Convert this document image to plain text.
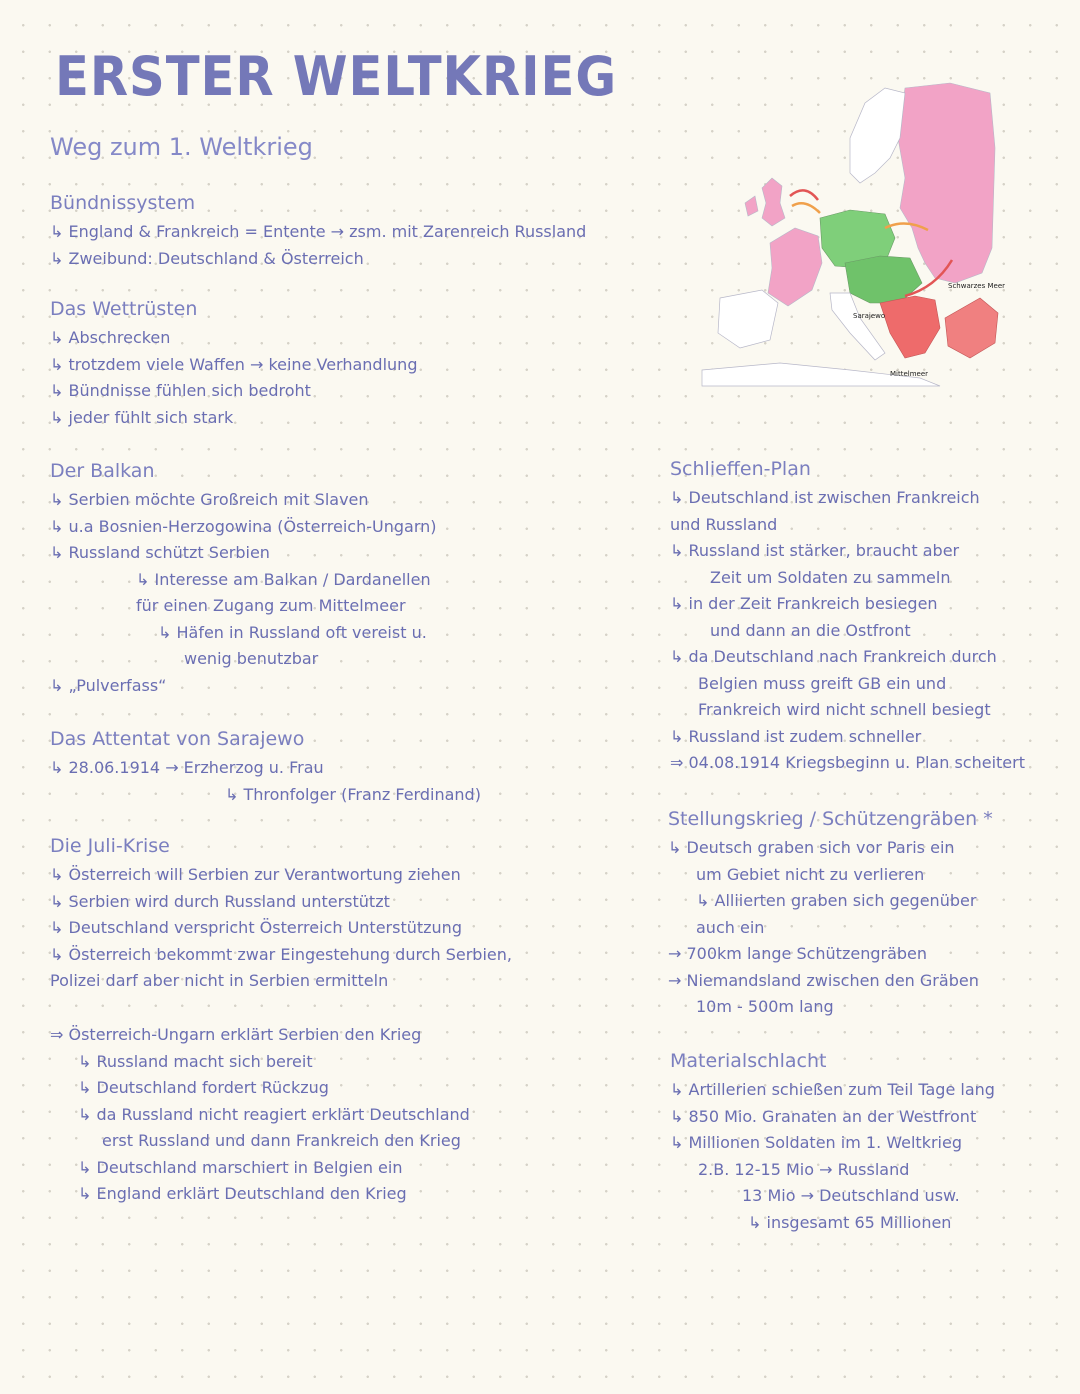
ERSTER WELTKRIEG
Weg zum 1. Weltkrieg
Schwarzes Meer
Sarajewo
Mittelmeer
Bündnissystem
↳ England & Frankreich = Entente → zsm. mit Zarenreich Russland
↳ Zweibund: Deutschland & Österreich
Das Wettrüsten
↳ Abschrecken
↳ trotzdem viele Waffen → keine Verhandlung
↳ Bündnisse fühlen sich bedroht
↳ jeder fühlt sich stark
Der Balkan
↳ Serbien möchte Großreich mit Slaven
↳ u.a Bosnien-Herzogowina (Österreich-Ungarn)
↳ Russland schützt Serbien
↳ Interesse am Balkan / Dardanellen
für einen Zugang zum Mittelmeer
↳ Häfen in Russland oft vereist u.
wenig benutzbar
↳ „Pulverfass“
Das Attentat von Sarajewo
↳ 28.06.1914 → Erzherzog u. Frau
↳ Thronfolger (Franz Ferdinand)
Die Juli-Krise
↳ Österreich will Serbien zur Verantwortung ziehen
↳ Serbien wird durch Russland unterstützt
↳ Deutschland verspricht Österreich Unterstützung
↳ Österreich bekommt zwar Eingestehung durch Serbien,
Polizei darf aber nicht in Serbien ermitteln
⇒ Österreich-Ungarn erklärt Serbien den Krieg
↳ Russland macht sich bereit
↳ Deutschland fordert Rückzug
↳ da Russland nicht reagiert erklärt Deutschland
erst Russland und dann Frankreich den Krieg
↳ Deutschland marschiert in Belgien ein
↳ England erklärt Deutschland den Krieg
Schlieffen-Plan
↳ Deutschland ist zwischen Frankreich
und Russland
↳ Russland ist stärker, braucht aber
Zeit um Soldaten zu sammeln
↳ in der Zeit Frankreich besiegen
und dann an die Ostfront
↳ da Deutschland nach Frankreich durch
Belgien muss greift GB ein und
Frankreich wird nicht schnell besiegt
↳ Russland ist zudem schneller
⇒ 04.08.1914 Kriegsbeginn u. Plan scheitert
Stellungskrieg / Schützengräben *
↳ Deutsch graben sich vor Paris ein
um Gebiet nicht zu verlieren
↳ Alliierten graben sich gegenüber
auch ein
→ 700km lange Schützengräben
→ Niemandsland zwischen den Gräben
10m - 500m lang
Materialschlacht
↳ Artillerien schießen zum Teil Tage lang
↳ 850 Mio. Granaten an der Westfront
↳ Millionen Soldaten im 1. Weltkrieg
2.B. 12-15 Mio → Russland
13 Mio → Deutschland usw.
↳ insgesamt 65 Millionen
